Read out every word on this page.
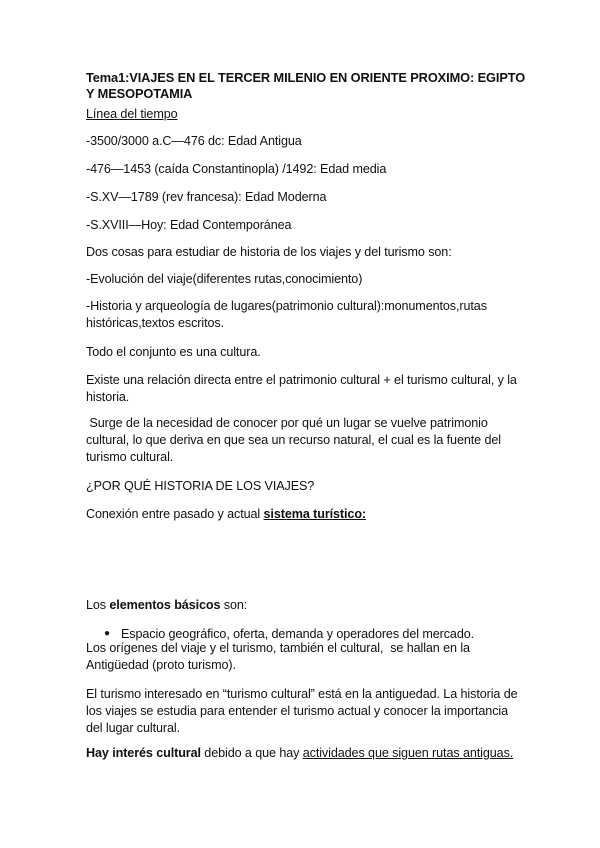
Tema1:VIAJES EN EL TERCER MILENIO EN ORIENTE PROXIMO: EGIPTO Y MESOPOTAMIA

Línea del tiempo

-3500/3000 a.C—476 dc: Edad Antigua

-476—1453 (caída Constantinopla) /1492: Edad media

-S.XV—1789 (rev francesa): Edad Moderna

-S.XVIII—Hoy: Edad Contemporánea

Dos cosas para estudiar de historia de los viajes y del turismo son:

-Evolución del viaje(diferentes rutas,conocimiento)

-Historia y arqueología de lugares(patrimonio cultural):monumentos,rutas históricas,textos escritos.

Todo el conjunto es una cultura.

Existe una relación directa entre el patrimonio cultural + el turismo cultural, y la historia.

Surge de la necesidad de conocer por qué un lugar se vuelve patrimonio cultural, lo que deriva en que sea un recurso natural, el cual es la fuente del turismo cultural.

¿POR QUÉ HISTORIA DE LOS VIAJES?

Conexión entre pasado y actual sistema turístico:

Los elementos básicos son:

● Espacio geográfico, oferta, demanda y operadores del mercado.

Los orígenes del viaje y el turismo, también el cultural,  se hallan en la Antigüedad (proto turismo).

El turismo interesado en “turismo cultural” está en la antiguedad. La historia de los viajes se estudia para entender el turismo actual y conocer la importancia del lugar cultural.

Hay interés cultural debido a que hay actividades que siguen rutas antiguas.
